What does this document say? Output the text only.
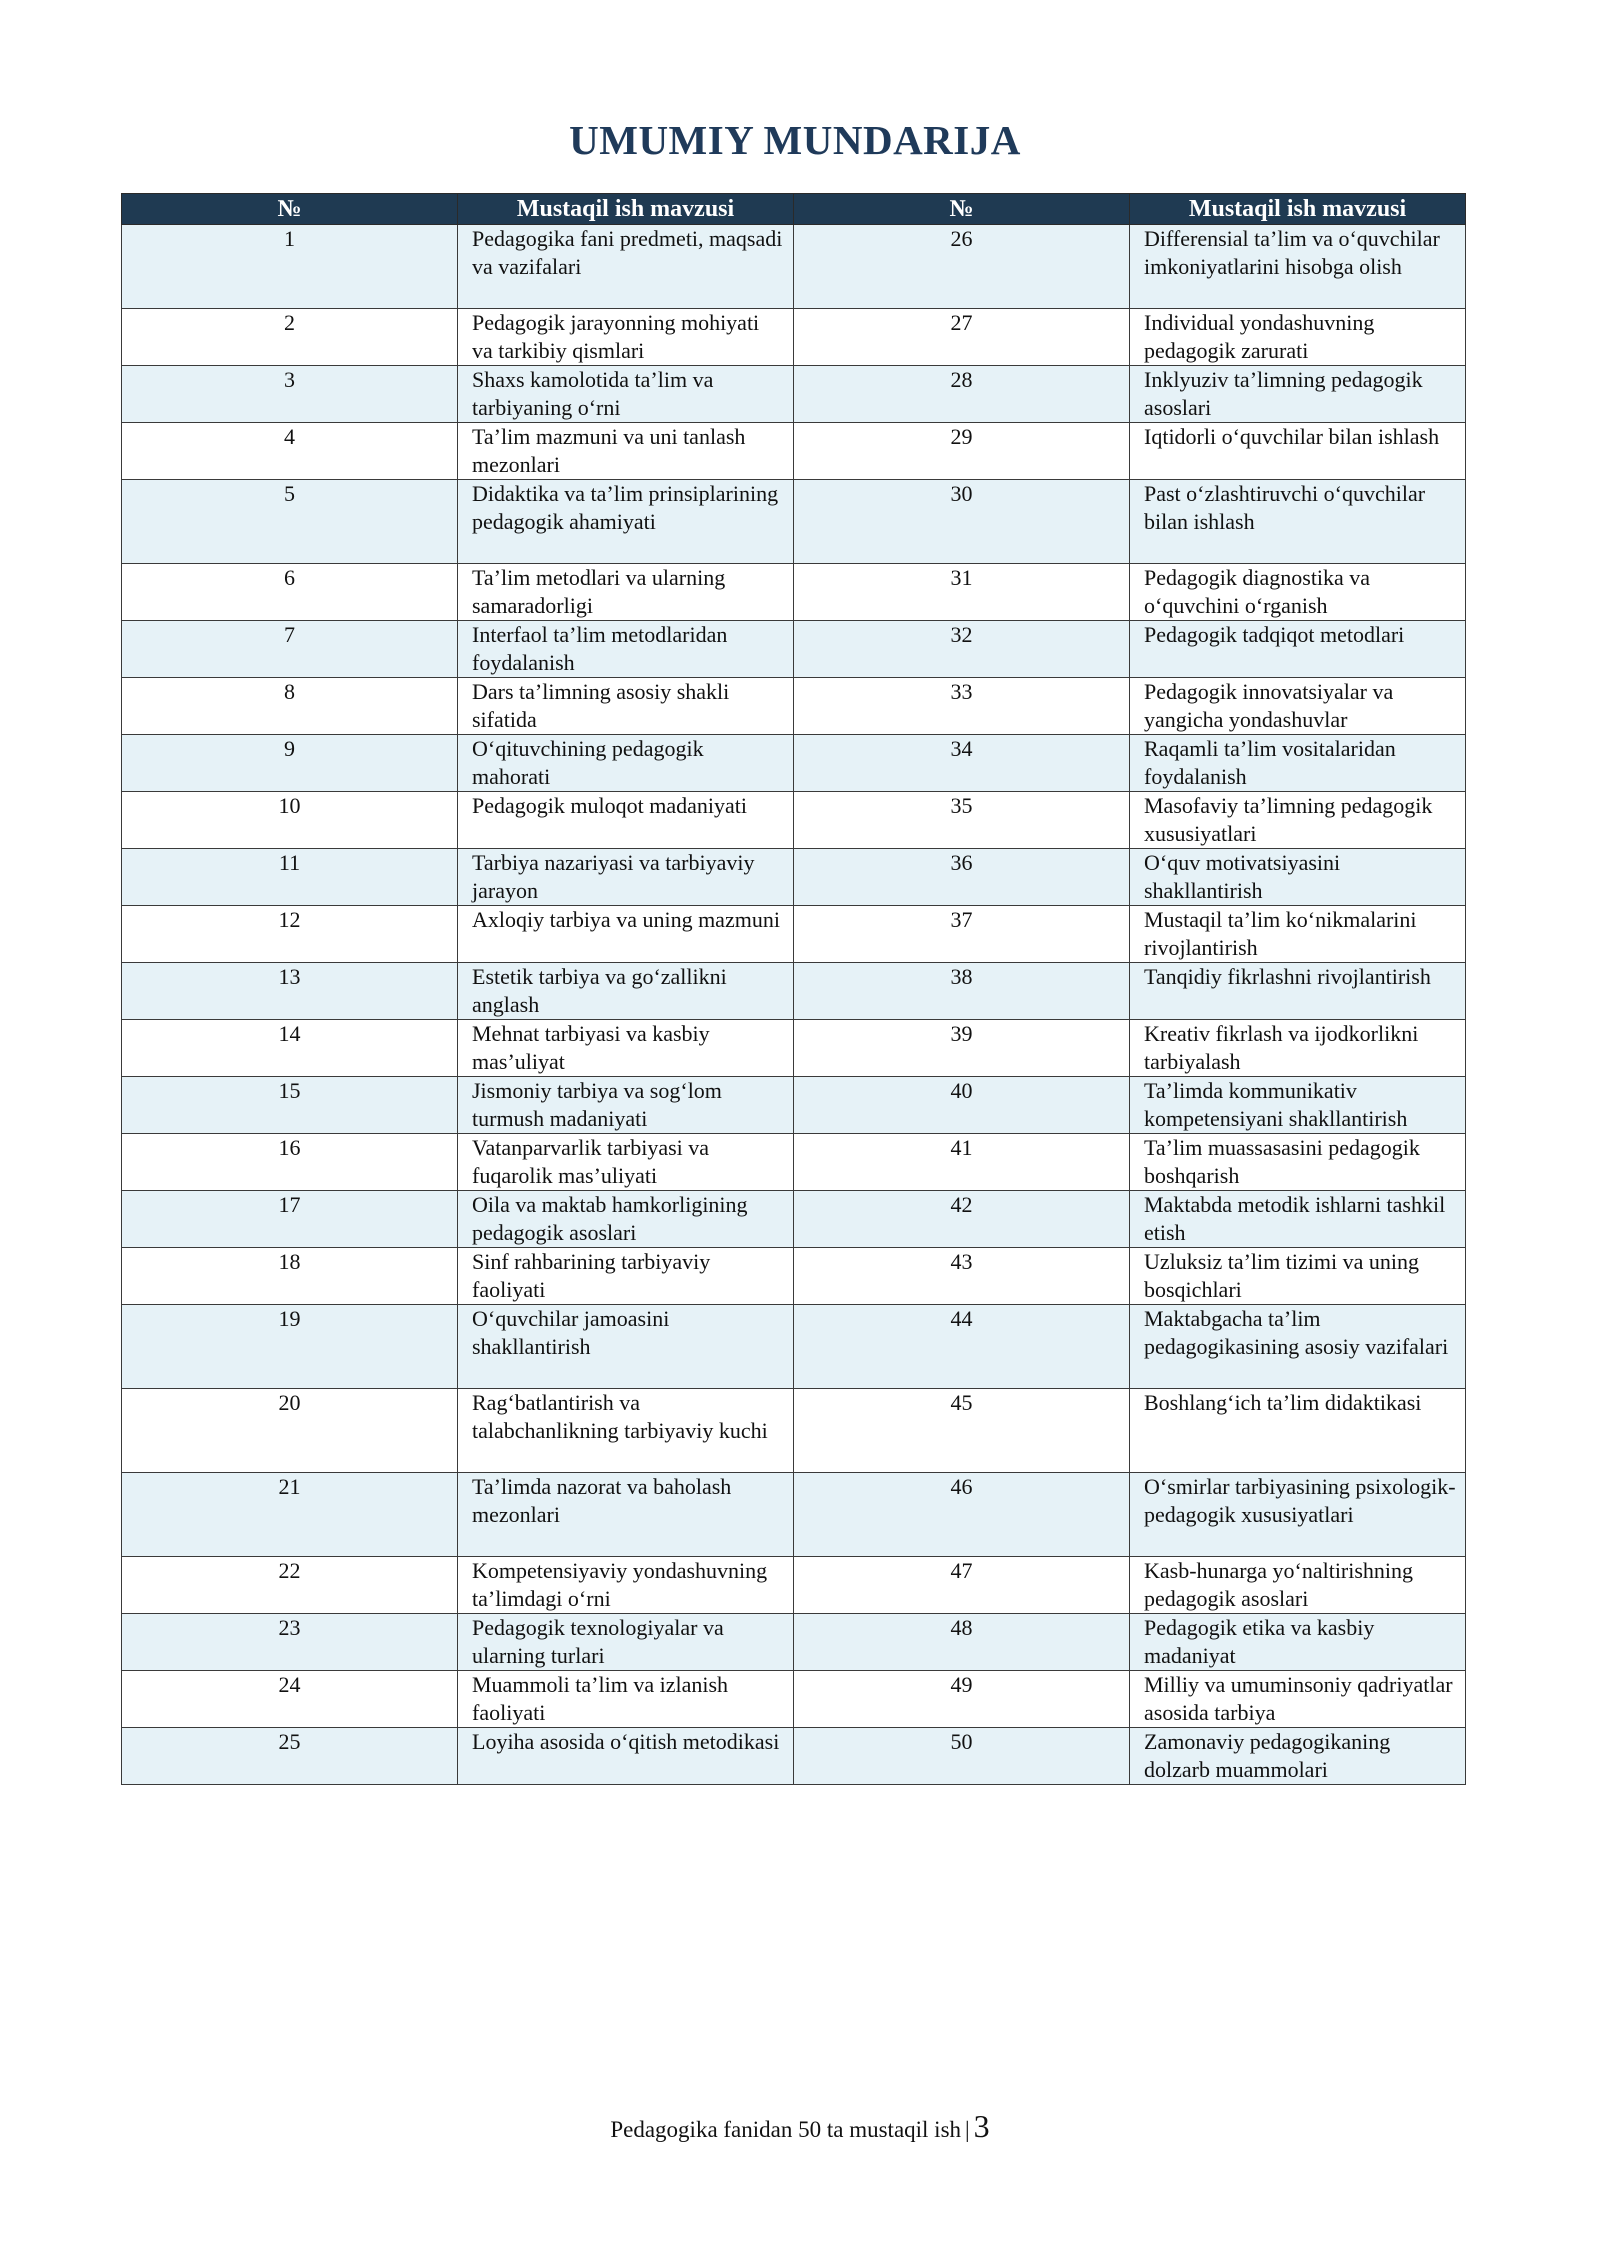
UMUMIY MUNDARIJA
№	Mustaqil ish mavzusi	№	Mustaqil ish mavzusi
1	Pedagogika fani predmeti, maqsadi va vazifalari	26	Differensial ta’lim va o‘quvchilar imkoniyatlarini hisobga olish
2	Pedagogik jarayonning mohiyati va tarkibiy qismlari	27	Individual yondashuvning pedagogik zarurati
3	Shaxs kamolotida ta’lim va tarbiyaning o‘rni	28	Inklyuziv ta’limning pedagogik asoslari
4	Ta’lim mazmuni va uni tanlash mezonlari	29	Iqtidorli o‘quvchilar bilan ishlash
5	Didaktika va ta’lim prinsiplarining pedagogik ahamiyati	30	Past o‘zlashtiruvchi o‘quvchilar bilan ishlash
6	Ta’lim metodlari va ularning samaradorligi	31	Pedagogik diagnostika va o‘quvchini o‘rganish
7	Interfaol ta’lim metodlaridan foydalanish	32	Pedagogik tadqiqot metodlari
8	Dars ta’limning asosiy shakli sifatida	33	Pedagogik innovatsiyalar va yangicha yondashuvlar
9	O‘qituvchining pedagogik mahorati	34	Raqamli ta’lim vositalaridan foydalanish
10	Pedagogik muloqot madaniyati	35	Masofaviy ta’limning pedagogik xususiyatlari
11	Tarbiya nazariyasi va tarbiyaviy jarayon	36	O‘quv motivatsiyasini shakllantirish
12	Axloqiy tarbiya va uning mazmuni	37	Mustaqil ta’lim ko‘nikmalarini rivojlantirish
13	Estetik tarbiya va go‘zallikni anglash	38	Tanqidiy fikrlashni rivojlantirish
14	Mehnat tarbiyasi va kasbiy mas’uliyat	39	Kreativ fikrlash va ijodkorlikni tarbiyalash
15	Jismoniy tarbiya va sog‘lom turmush madaniyati	40	Ta’limda kommunikativ kompetensiyani shakllantirish
16	Vatanparvarlik tarbiyasi va fuqarolik mas’uliyati	41	Ta’lim muassasasini pedagogik boshqarish
17	Oila va maktab hamkorligining pedagogik asoslari	42	Maktabda metodik ishlarni tashkil etish
18	Sinf rahbarining tarbiyaviy faoliyati	43	Uzluksiz ta’lim tizimi va uning bosqichlari
19	O‘quvchilar jamoasini shakllantirish	44	Maktabgacha ta’lim pedagogikasining asosiy vazifalari
20	Rag‘batlantirish va talabchanlikning tarbiyaviy kuchi	45	Boshlang‘ich ta’lim didaktikasi
21	Ta’limda nazorat va baholash mezonlari	46	O‘smirlar tarbiyasining psixologik-pedagogik xususiyatlari
22	Kompetensiyaviy yondashuvning ta’limdagi o‘rni	47	Kasb-hunarga yo‘naltirishning pedagogik asoslari
23	Pedagogik texnologiyalar va ularning turlari	48	Pedagogik etika va kasbiy madaniyat
24	Muammoli ta’lim va izlanish faoliyati	49	Milliy va umuminsoniy qadriyatlar asosida tarbiya
25	Loyiha asosida o‘qitish metodikasi	50	Zamonaviy pedagogikaning dolzarb muammolari
Pedagogika fanidan 50 ta mustaqil ish | 3
